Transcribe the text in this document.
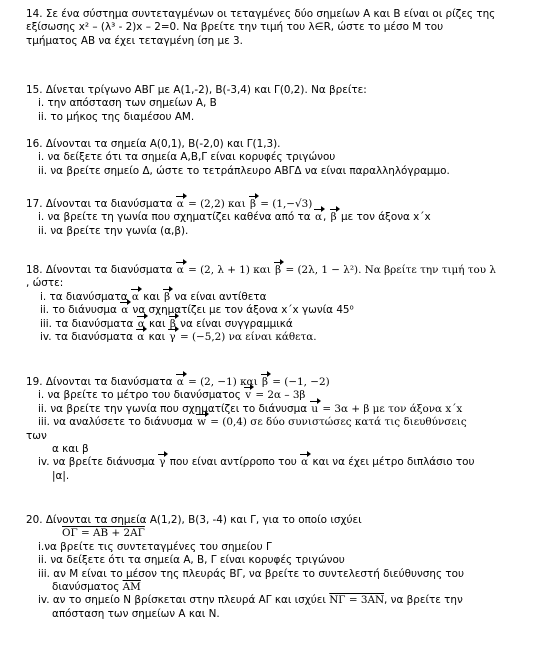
14. Σε ένα σύστημα συντεταγμένων οι τεταγμένες δύο σημείων Α και Β είναι οι ρίζες της
εξίσωσης x² – (λ³ - 2)x – 2=0. Να βρείτε την τιμή του λ∈R, ώστε το μέσο Μ του
τμήματος ΑΒ να έχει τεταγμένη ίση με 3.
15. Δίνεται τρίγωνο ΑΒΓ με Α(1,-2), Β(-3,4) και Γ(0,2). Να βρείτε:
i. την απόσταση των σημείων Α, Β
ii. το μήκος της διαμέσου ΑΜ.
16. Δίνονται τα σημεία Α(0,1), Β(-2,0) και Γ(1,3).
i. να δείξετε ότι τα σημεία Α,Β,Γ είναι κορυφές τριγώνου
ii. να βρείτε σημείο Δ, ώστε το τετράπλευρο ΑΒΓΔ να είναι παραλληλόγραμμο.
17. Δίνονται τα διανύσματα α = (2,2) και β = (1,−√3)
i. να βρείτε τη γωνία που σχηματίζει καθένα από τα α, β με τον άξονα x΄x
ii. να βρείτε την γωνία (α,β).
18. Δίνονται τα διανύσματα α = (2, λ + 1) και β = (2λ, 1 − λ²). Να βρείτε την τιμή του λ
, ώστε:
i. τα διανύσματα α και β να είναι αντίθετα
ii. το διάνυσμα α να σχηματίζει με τον άξονα x΄x γωνία 45⁰
iii. τα διανύσματα α και β να είναι συγγραμμικά
iv. τα διανύσματα α και γ = (−5,2) να είναι κάθετα.
19. Δίνονται τα διανύσματα α = (2, −1) και β = (−1, −2)
i. να βρείτε το μέτρο του διανύσματος v = 2α – 3β
ii. να βρείτε την γωνία που σχηματίζει το διάνυσμα u = 3α + β με τον άξονα x΄x
iii. να αναλύσετε το διάνυσμα w = (0,4) σε δύο συνιστώσες κατά τις διευθύνσεις
των
α και β
iv. να βρείτε διάνυσμα γ που είναι αντίρροπο του α και να έχει μέτρο διπλάσιο του
|α|.
20. Δίνονται τα σημεία Α(1,2), Β(3, -4) και Γ, για το οποίο ισχύει
ΟΓ = ΑΒ + 2ΑΓ
i.να βρείτε τις συντεταγμένες του σημείου Γ
ii. να δείξετε ότι τα σημεία Α, Β, Γ είναι κορυφές τριγώνου
iii. αν Μ είναι το μέσον της πλευράς ΒΓ, να βρείτε το συντελεστή διεύθυνσης του
διανύσματος $\overline{AM}$
iv. αν το σημείο Ν βρίσκεται στην πλευρά ΑΓ και ισχύει ΝΓ = 3ΑΝ, να βρείτε την
απόσταση των σημείων Α και Ν.
